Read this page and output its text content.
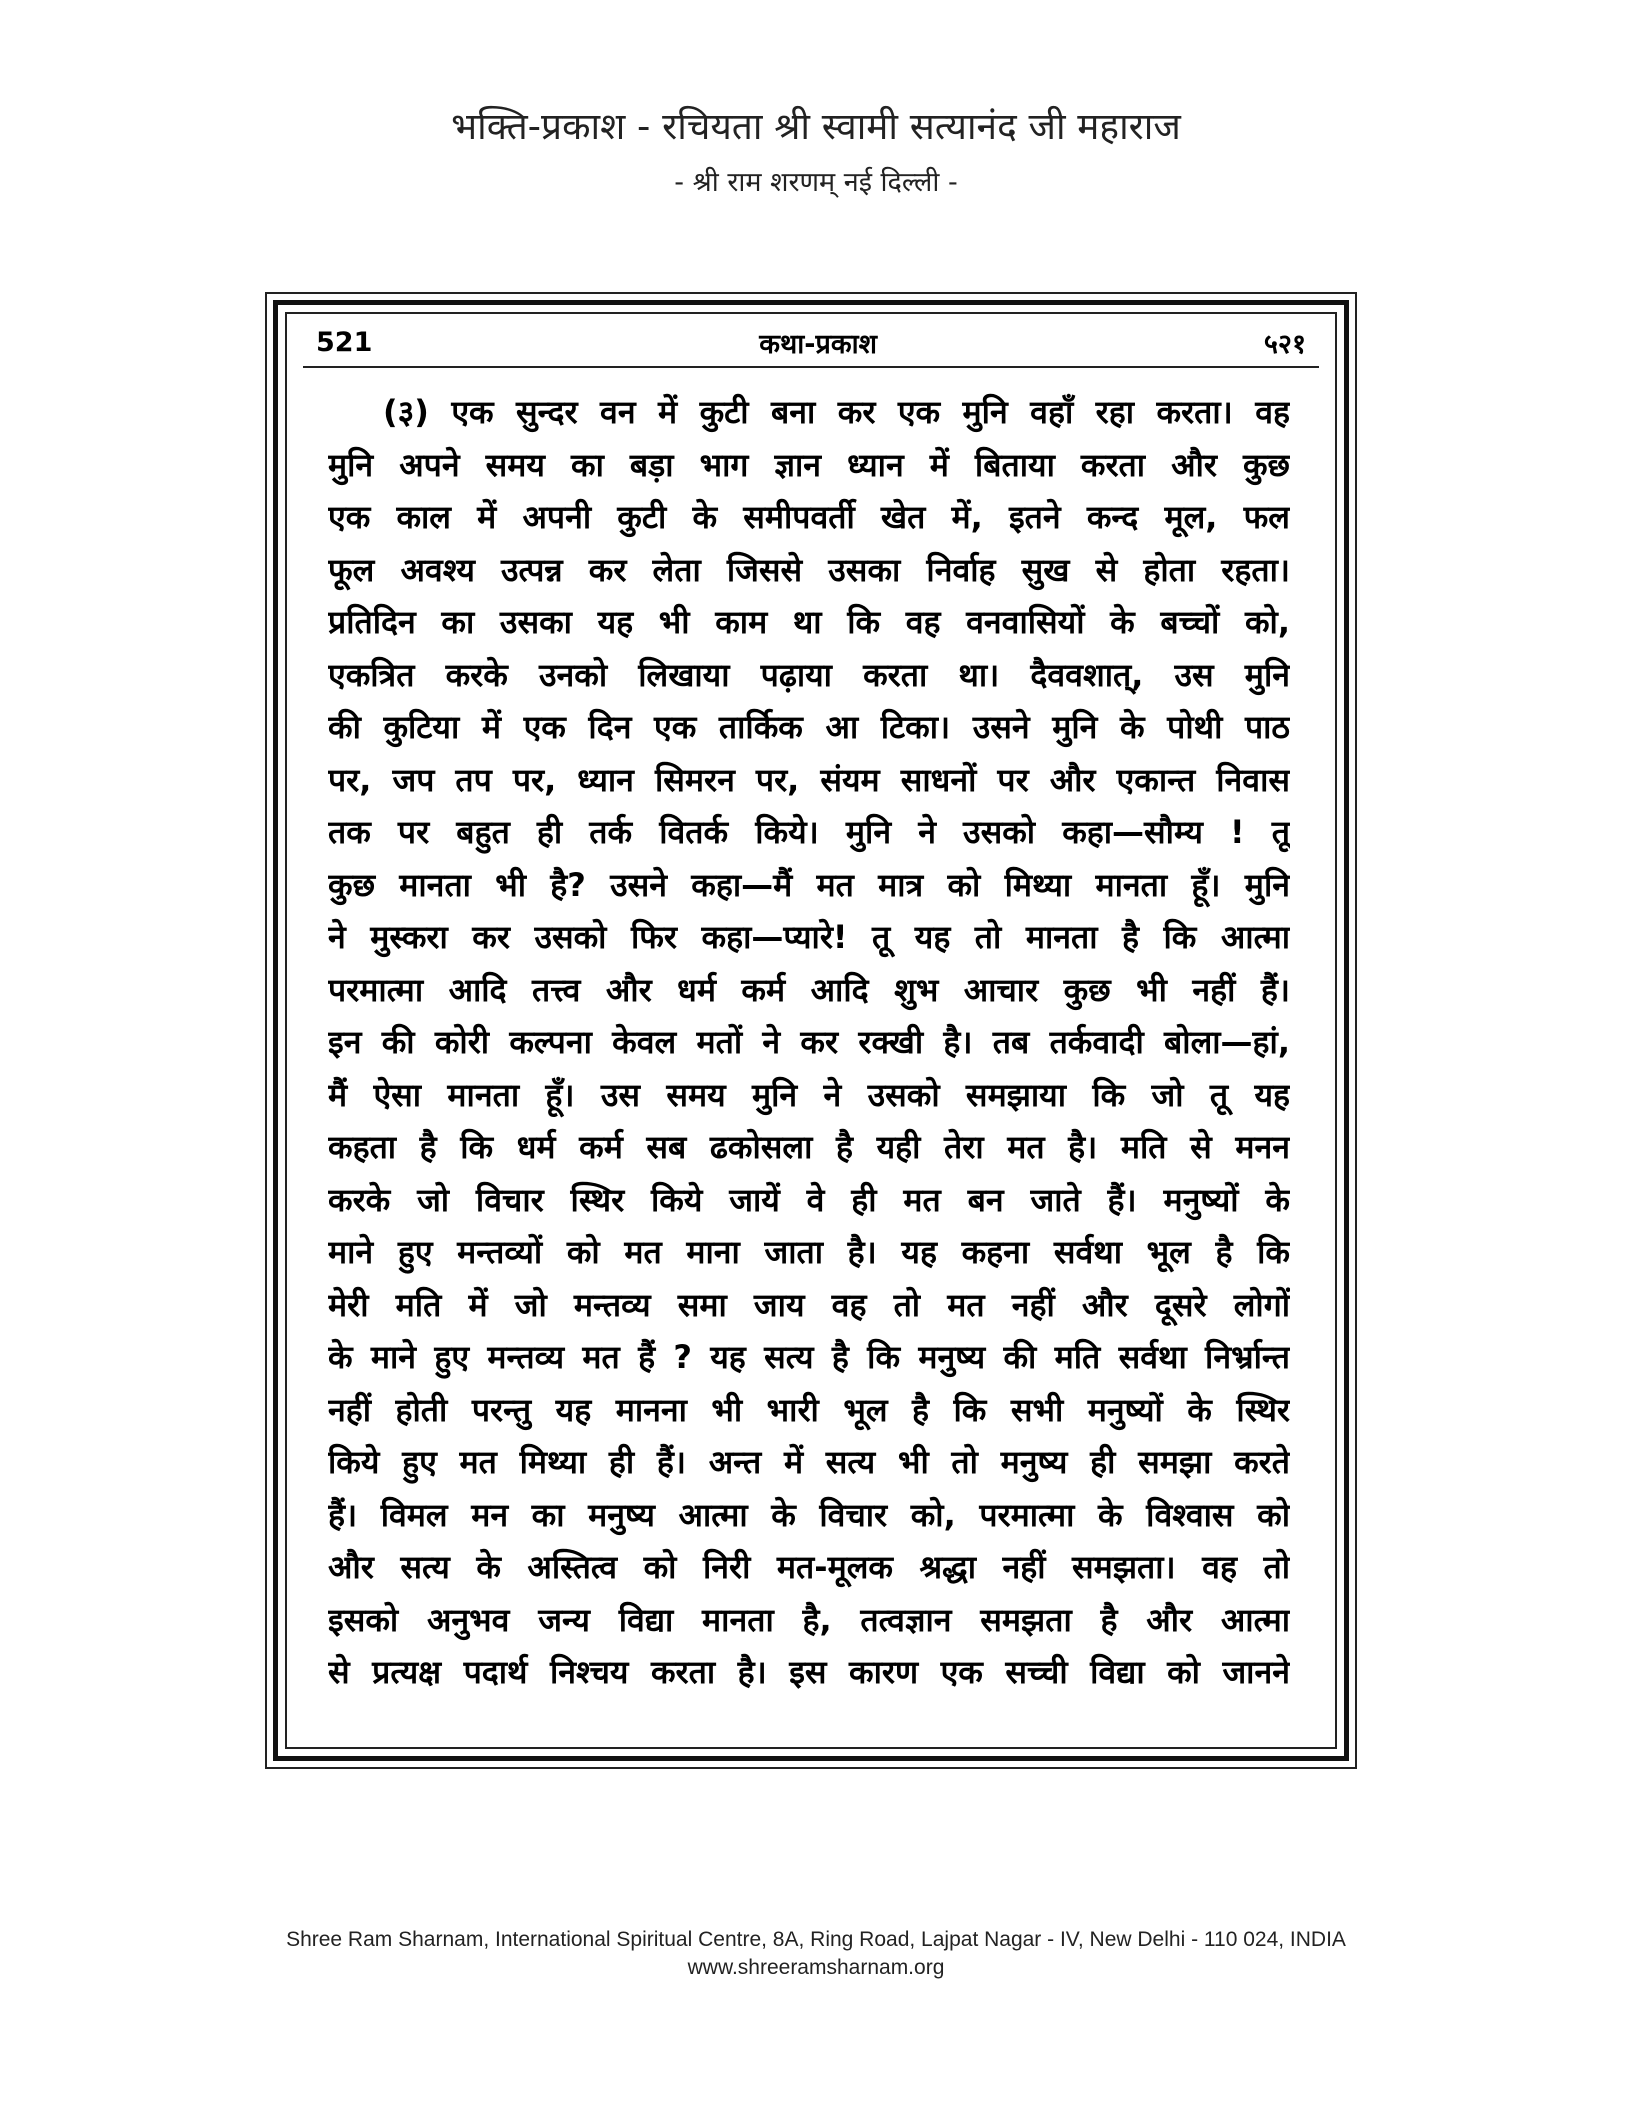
भक्ति-प्रकाश - रचियता श्री स्वामी सत्यानंद जी महाराज
- श्री राम शरणम् नई दिल्ली -
521	कथा-प्रकाश	५२१
(३) एक सुन्दर वन में कुटी बना कर एक मुनि वहाँ रहा करता। वह
मुनि अपने समय का बड़ा भाग ज्ञान ध्यान में बिताया करता और कुछ
एक काल में अपनी कुटी के समीपवर्ती खेत में, इतने कन्द मूल, फल
फूल अवश्य उत्पन्न कर लेता जिससे उसका निर्वाह सुख से होता रहता।
प्रतिदिन का उसका यह भी काम था कि वह वनवासियों के बच्चों को,
एकत्रित करके उनको लिखाया पढ़ाया करता था। दैववशात्, उस मुनि
की कुटिया में एक दिन एक तार्किक आ टिका। उसने मुनि के पोथी पाठ
पर, जप तप पर, ध्यान सिमरन पर, संयम साधनों पर और एकान्त निवास
तक पर बहुत ही तर्क वितर्क किये। मुनि ने उसको कहा—सौम्य ! तू
कुछ मानता भी है? उसने कहा—मैं मत मात्र को मिथ्या मानता हूँ। मुनि
ने मुस्करा कर उसको फिर कहा—प्यारे! तू यह तो मानता है कि आत्मा
परमात्मा आदि तत्त्व और धर्म कर्म आदि शुभ आचार कुछ भी नहीं हैं।
इन की कोरी कल्पना केवल मतों ने कर रक्खी है। तब तर्कवादी बोला—हां,
मैं ऐसा मानता हूँ। उस समय मुनि ने उसको समझाया कि जो तू यह
कहता है कि धर्म कर्म सब ढकोसला है यही तेरा मत है। मति से मनन
करके जो विचार स्थिर किये जायें वे ही मत बन जाते हैं। मनुष्यों के
माने हुए मन्तव्यों को मत माना जाता है। यह कहना सर्वथा भूल है कि
मेरी मति में जो मन्तव्य समा जाय वह तो मत नहीं और दूसरे लोगों
के माने हुए मन्तव्य मत हैं ? यह सत्य है कि मनुष्य की मति सर्वथा निर्भ्रान्त
नहीं होती परन्तु यह मानना भी भारी भूल है कि सभी मनुष्यों के स्थिर
किये हुए मत मिथ्या ही हैं। अन्त में सत्य भी तो मनुष्य ही समझा करते
हैं। विमल मन का मनुष्य आत्मा के विचार को, परमात्मा के विश्वास को
और सत्य के अस्तित्व को निरी मत-मूलक श्रद्धा नहीं समझता। वह तो
इसको अनुभव जन्य विद्या मानता है, तत्वज्ञान समझता है और आत्मा
से प्रत्यक्ष पदार्थ निश्चय करता है। इस कारण एक सच्ची विद्या को जानने
Shree Ram Sharnam, International Spiritual Centre, 8A, Ring Road, Lajpat Nagar - IV, New Delhi - 110 024, INDIA
www.shreeramsharnam.org
